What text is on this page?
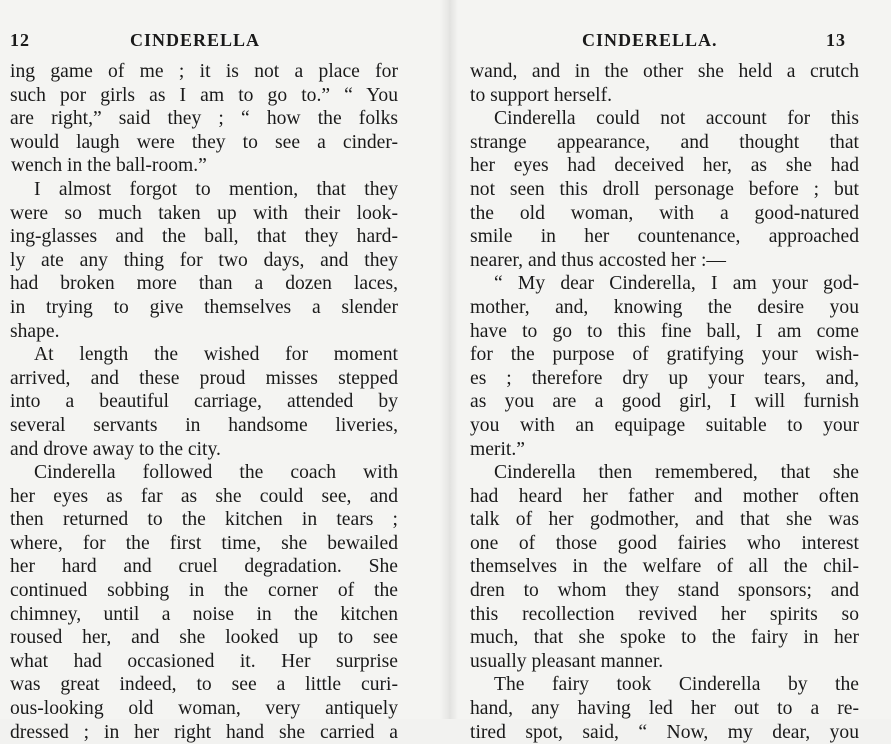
12	CINDERELLA
ing game of me ; it is not a place for
such por girls as I am to go to.” “ You
are right,” said they ; “ how the folks
would laugh were they to see a cinder-
wench in the ball-room.”
I almost forgot to mention, that they
were so much taken up with their look-
ing-glasses and the ball, that they hard-
ly ate any thing for two days, and they
had broken more than a dozen laces,
in trying to give themselves a slender
shape.
At length the wished for moment
arrived, and these proud misses stepped
into a beautiful carriage, attended by
several servants in handsome liveries,
and drove away to the city.
Cinderella followed the coach with
her eyes as far as she could see, and
then returned to the kitchen in tears ;
where, for the first time, she bewailed
her hard and cruel degradation. She
continued sobbing in the corner of the
chimney, until a noise in the kitchen
roused her, and she looked up to see
what had occasioned it. Her surprise
was great indeed, to see a little curi-
ous-looking old woman, very antiquely
dressed ; in her right hand she carried a
CINDERELLA.	13
wand, and in the other she held a crutch
to support herself.
Cinderella could not account for this
strange appearance, and thought that
her eyes had deceived her, as she had
not seen this droll personage before ; but
the old woman, with a good-natured
smile in her countenance, approached
nearer, and thus accosted her :—
“ My dear Cinderella, I am your god-
mother, and, knowing the desire you
have to go to this fine ball, I am come
for the purpose of gratifying your wish-
es ; therefore dry up your tears, and,
as you are a good girl, I will furnish
you with an equipage suitable to your
merit.”
Cinderella then remembered, that she
had heard her father and mother often
talk of her godmother, and that she was
one of those good fairies who interest
themselves in the welfare of all the chil-
dren to whom they stand sponsors; and
this recollection revived her spirits so
much, that she spoke to the fairy in her
usually pleasant manner.
The fairy took Cinderella by the
hand, any having led her out to a re-
tired spot, said, “ Now, my dear, you
